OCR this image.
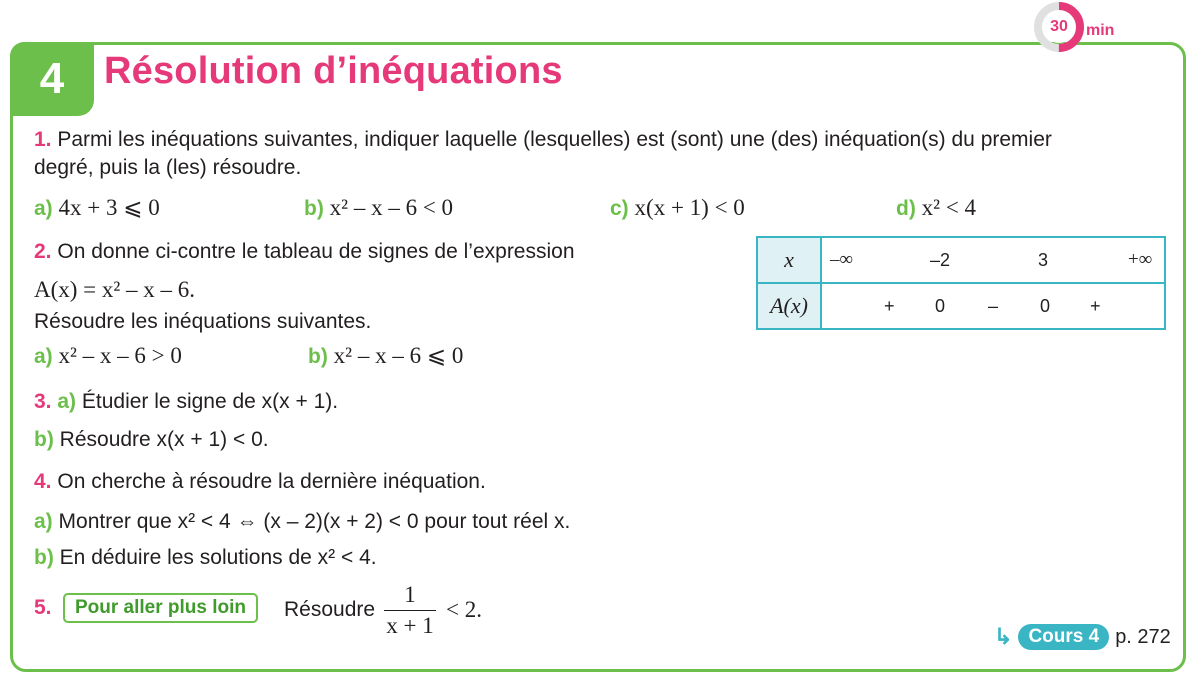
4	Résolution d’inéquations
30	min
1. Parmi les inéquations suivantes, indiquer laquelle (lesquelles) est (sont) une (des) inéquation(s) du premier
degré, puis la (les) résoudre.
a) 4x + 3 ⩽ 0	b) x² – x – 6 < 0	c) x(x + 1) < 0	d) x² < 4
2. On donne ci-contre le tableau de signes de l’expression
A(x) = x² – x – 6.
Résoudre les inéquations suivantes.
a) x² – x – 6 > 0	b) x² – x – 6 ⩽ 0
x	–∞ –2 3 +∞

A(x)	+ 0 – 0 +
3. a) Étudier le signe de x(x + 1).
b) Résoudre x(x + 1) < 0.
4. On cherche à résoudre la dernière inéquation.
a) Montrer que x² < 4 ⇔ (x – 2)(x + 2) < 0 pour tout réel x.
b) En déduire les solutions de x² < 4.
5.	Pour aller plus loin	Résoudre $\frac{1}{x + 1} < 2$.
↳ Cours 4 p. 272
